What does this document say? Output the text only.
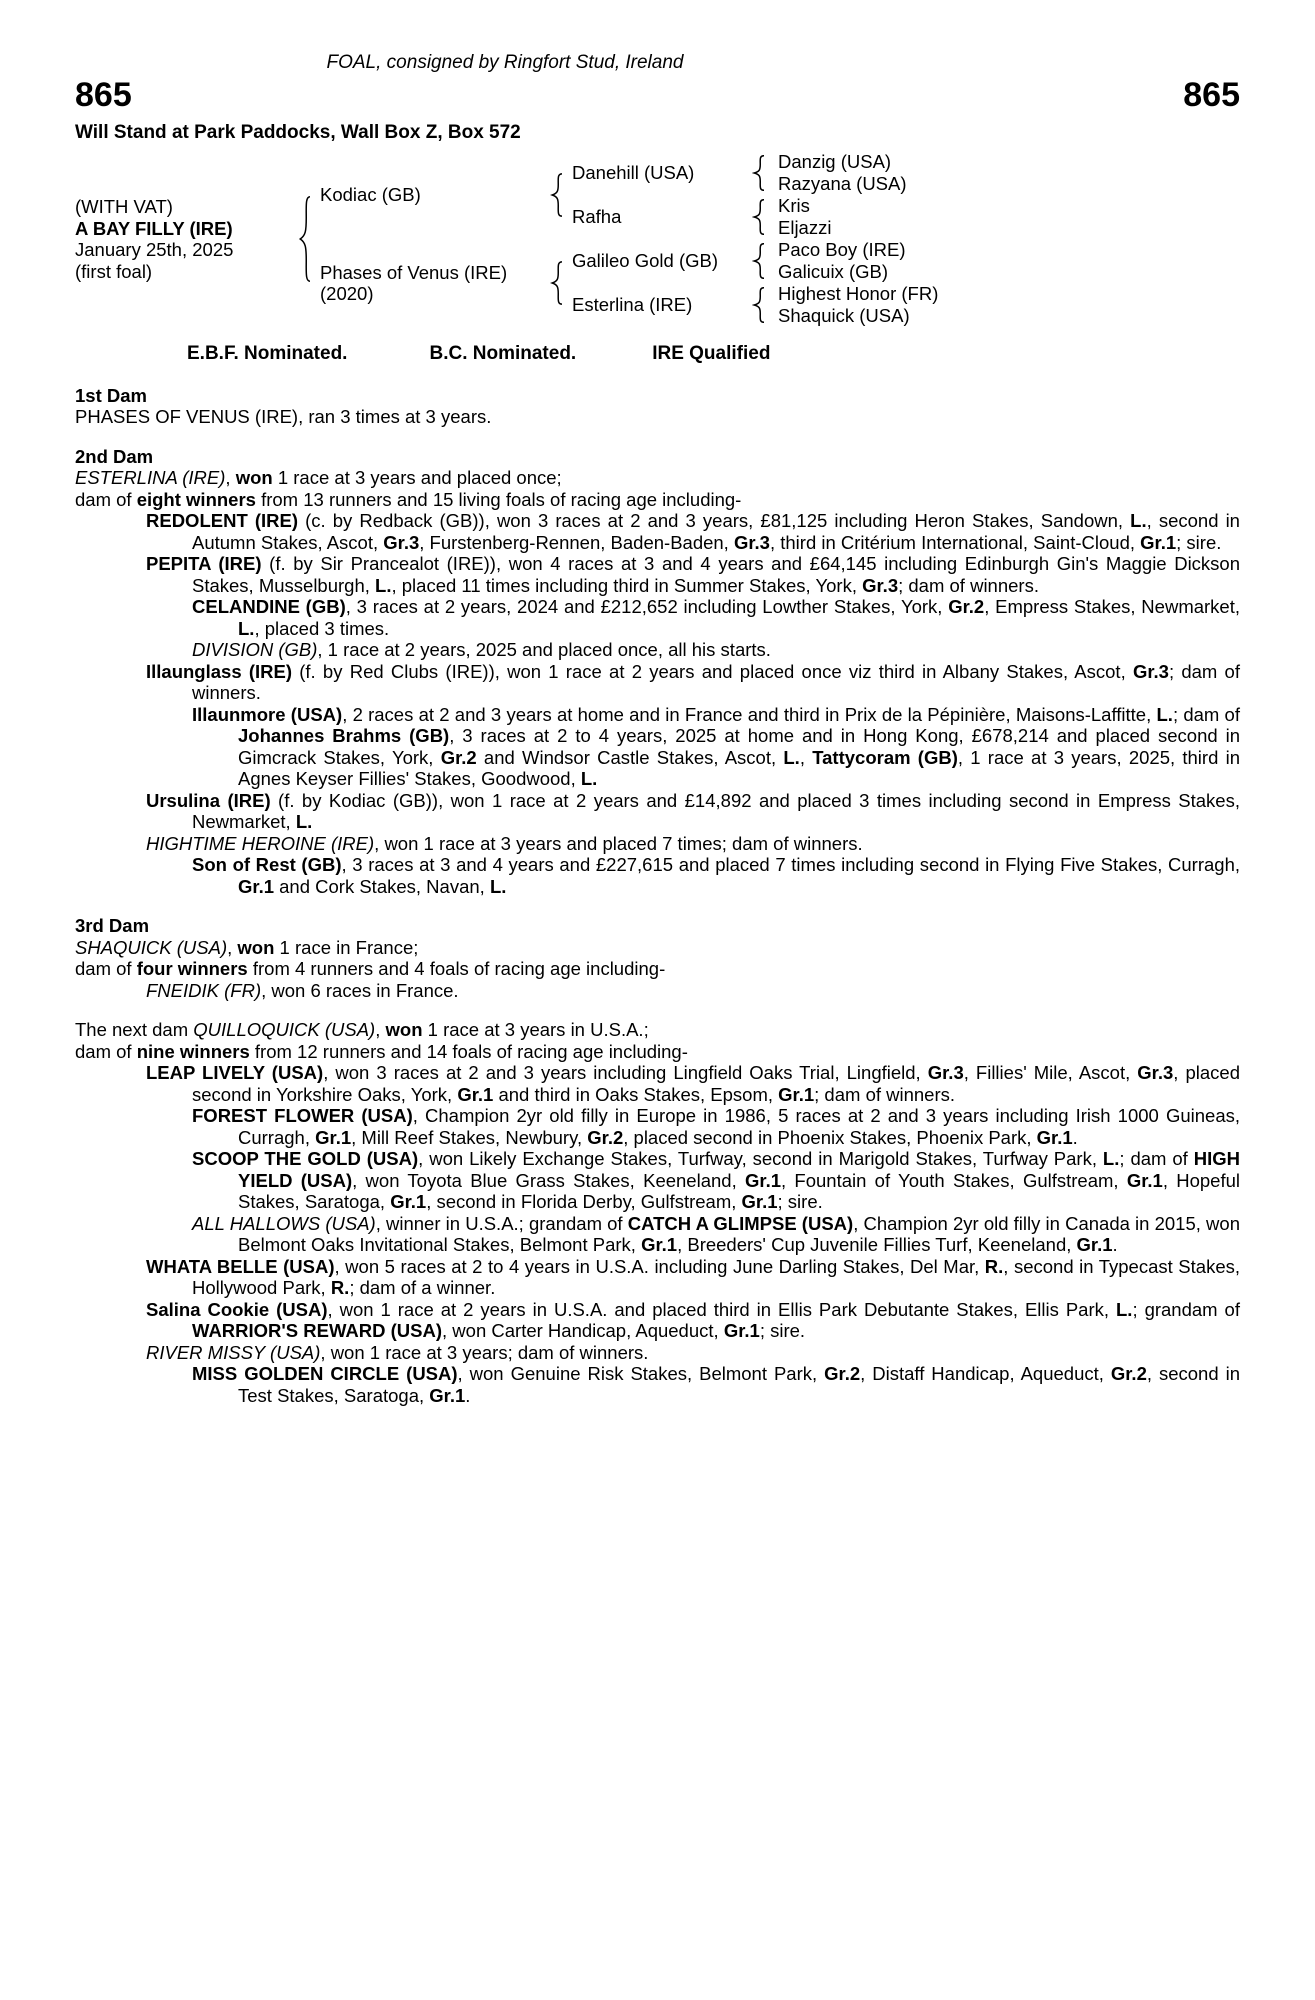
FOAL, consigned by Ringfort Stud, Ireland
865	865
Will Stand at Park Paddocks, Wall Box Z, Box 572
(WITH VAT)
A BAY FILLY (IRE)
January 25th, 2025
(first foal)
Kodiac (GB)
Phases of Venus (IRE)
(2020)
Danehill (USA)
Rafha
Galileo Gold (GB)
Esterlina (IRE)
Danzig (USA)
Razyana (USA)
Kris
Eljazzi
Paco Boy (IRE)
Galicuix (GB)
Highest Honor (FR)
Shaquick (USA)
E.B.F. Nominated.	B.C. Nominated.	IRE Qualified
1st Dam

PHASES OF VENUS (IRE), ran 3 times at 3 years.

2nd Dam

ESTERLINA (IRE), won 1 race at 3 years and placed once;

dam of eight winners from 13 runners and 15 living foals of racing age including-

REDOLENT (IRE) (c. by Redback (GB)), won 3 races at 2 and 3 years, £81,125 including Heron Stakes, Sandown, L., second in Autumn Stakes, Ascot, Gr.3, Furstenberg-Rennen, Baden-Baden, Gr.3, third in Critérium International, Saint-Cloud, Gr.1; sire.

PEPITA (IRE) (f. by Sir Prancealot (IRE)), won 4 races at 3 and 4 years and £64,145 including Edinburgh Gin's Maggie Dickson Stakes, Musselburgh, L., placed 11 times including third in Summer Stakes, York, Gr.3; dam of winners.

CELANDINE (GB), 3 races at 2 years, 2024 and £212,652 including Lowther Stakes, York, Gr.2, Empress Stakes, Newmarket, L., placed 3 times.

DIVISION (GB), 1 race at 2 years, 2025 and placed once, all his starts.

Illaunglass (IRE) (f. by Red Clubs (IRE)), won 1 race at 2 years and placed once viz third in Albany Stakes, Ascot, Gr.3; dam of winners.

Illaunmore (USA), 2 races at 2 and 3 years at home and in France and third in Prix de la Pépinière, Maisons-Laffitte, L.; dam of Johannes Brahms (GB), 3 races at 2 to 4 years, 2025 at home and in Hong Kong, £678,214 and placed second in Gimcrack Stakes, York, Gr.2 and Windsor Castle Stakes, Ascot, L., Tattycoram (GB), 1 race at 3 years, 2025, third in Agnes Keyser Fillies' Stakes, Goodwood, L.

Ursulina (IRE) (f. by Kodiac (GB)), won 1 race at 2 years and £14,892 and placed 3 times including second in Empress Stakes, Newmarket, L.

HIGHTIME HEROINE (IRE), won 1 race at 3 years and placed 7 times; dam of winners.

Son of Rest (GB), 3 races at 3 and 4 years and £227,615 and placed 7 times including second in Flying Five Stakes, Curragh, Gr.1 and Cork Stakes, Navan, L.

3rd Dam

SHAQUICK (USA), won 1 race in France;

dam of four winners from 4 runners and 4 foals of racing age including-

FNEIDIK (FR), won 6 races in France.

The next dam QUILLOQUICK (USA), won 1 race at 3 years in U.S.A.;

dam of nine winners from 12 runners and 14 foals of racing age including-

LEAP LIVELY (USA), won 3 races at 2 and 3 years including Lingfield Oaks Trial, Lingfield, Gr.3, Fillies' Mile, Ascot, Gr.3, placed second in Yorkshire Oaks, York, Gr.1 and third in Oaks Stakes, Epsom, Gr.1; dam of winners.

FOREST FLOWER (USA), Champion 2yr old filly in Europe in 1986, 5 races at 2 and 3 years including Irish 1000 Guineas, Curragh, Gr.1, Mill Reef Stakes, Newbury, Gr.2, placed second in Phoenix Stakes, Phoenix Park, Gr.1.

SCOOP THE GOLD (USA), won Likely Exchange Stakes, Turfway, second in Marigold Stakes, Turfway Park, L.; dam of HIGH YIELD (USA), won Toyota Blue Grass Stakes, Keeneland, Gr.1, Fountain of Youth Stakes, Gulfstream, Gr.1, Hopeful Stakes, Saratoga, Gr.1, second in Florida Derby, Gulfstream, Gr.1; sire.

ALL HALLOWS (USA), winner in U.S.A.; grandam of CATCH A GLIMPSE (USA), Champion 2yr old filly in Canada in 2015, won Belmont Oaks Invitational Stakes, Belmont Park, Gr.1, Breeders' Cup Juvenile Fillies Turf, Keeneland, Gr.1.

WHATA BELLE (USA), won 5 races at 2 to 4 years in U.S.A. including June Darling Stakes, Del Mar, R., second in Typecast Stakes, Hollywood Park, R.; dam of a winner.

Salina Cookie (USA), won 1 race at 2 years in U.S.A. and placed third in Ellis Park Debutante Stakes, Ellis Park, L.; grandam of WARRIOR'S REWARD (USA), won Carter Handicap, Aqueduct, Gr.1; sire.

RIVER MISSY (USA), won 1 race at 3 years; dam of winners.

MISS GOLDEN CIRCLE (USA), won Genuine Risk Stakes, Belmont Park, Gr.2, Distaff Handicap, Aqueduct, Gr.2, second in Test Stakes, Saratoga, Gr.1.
